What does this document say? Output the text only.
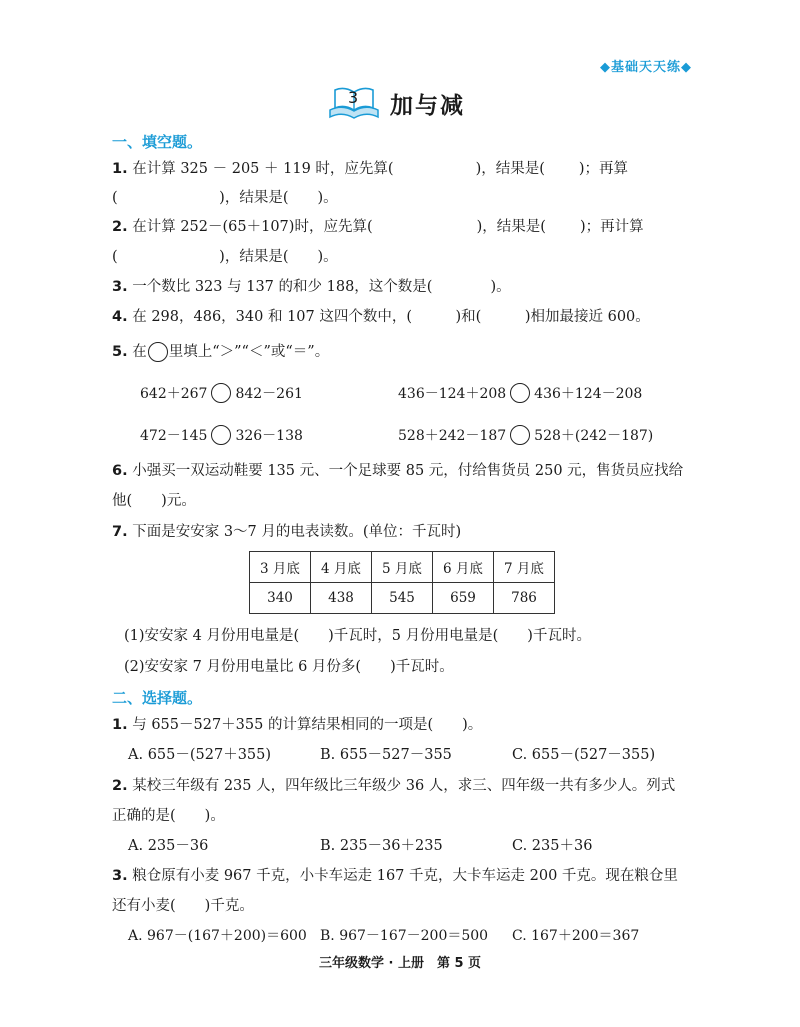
◆基础天天练◆
3 加与减
一、填空题。
1. 在计算 325 － 205 ＋ 119 时，应先算(	)，结果是( )；再算
(　　　　　　　)，结果是(　　)。
2. 在计算 252－(65＋107)时，应先算(	)，结果是( )；再计算
(　　　　　　　)，结果是(　　)。
3. 一个数比 323 与 137 的和少 188，这个数是(　　　　)。
4. 在 298，486，340 和 107 这四个数中，(　　　)和(　　　)相加最接近 600。
5. 在 里填上“＞”“＜”或“＝”。
642＋267 842－261	436－124＋208 436＋124－208
472－145 326－138	528＋242－187 528＋(242－187)
6. 小强买一双运动鞋要 135 元、一个足球要 85 元，付给售货员 250 元，售货员应找给
他(　　)元。
7. 下面是安安家 3～7 月的电表读数。(单位：千瓦时)
3 月底	4 月底	5 月底	6 月底	7 月底
340	438	545	659	786
(1)安安家 4 月份用电量是(　　)千瓦时，5 月份用电量是(　　)千瓦时。
(2)安安家 7 月份用电量比 6 月份多(　　)千瓦时。
二、选择题。
1. 与 655－527＋355 的计算结果相同的一项是(　　)。
A. 655－(527＋355)	B. 655－527－355	C. 655－(527－355)
2. 某校三年级有 235 人，四年级比三年级少 36 人，求三、四年级一共有多少人。列式
正确的是(　　)。
A. 235－36	B. 235－36＋235	C. 235＋36
3. 粮仓原有小麦 967 千克，小卡车运走 167 千克，大卡车运走 200 千克。现在粮仓里
还有小麦(　　)千克。
A. 967－(167＋200)＝600 B. 967－167－200＝500 C. 167＋200＝367
三年级数学 · 上册　第 5 页
